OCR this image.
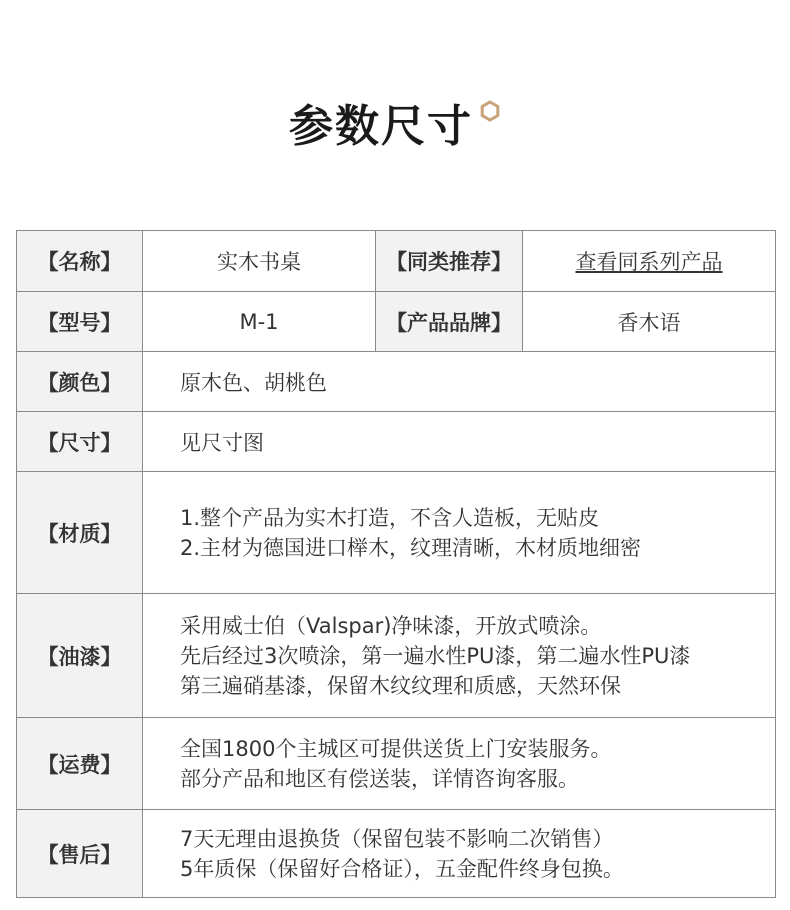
参数尺寸
【名称】	实木书桌	【同类推荐】	查看同系列产品
【型号】	M-1	【产品品牌】	香木语
【颜色】	原木色、胡桃色
【尺寸】	见尺寸图
【材质】
1.整个产品为实木打造，不含人造板，无贴皮
2.主材为德国进口榉木，纹理清晰，木材质地细密
【油漆】
采用威士伯（Valspar)净味漆，开放式喷涂。
先后经过3次喷涂，第一遍水性PU漆，第二遍水性PU漆
第三遍硝基漆，保留木纹纹理和质感，天然环保
【运费】
全国1800个主城区可提供送货上门安装服务。
部分产品和地区有偿送装，详情咨询客服。
【售后】
7天无理由退换货（保留包装不影响二次销售）
5年质保（保留好合格证），五金配件终身包换。
